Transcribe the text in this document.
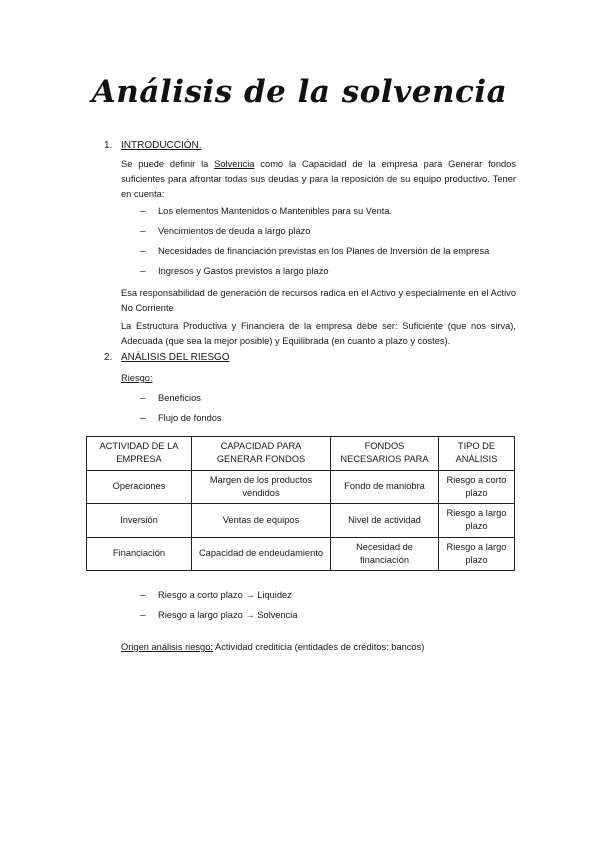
Análisis de la solvencia
1. INTRODUCCIÓN.
Se puede definir la Solvencia como la Capacidad de la empresa para Generar fondos suficientes para afrontar todas sus deudas y para la reposición de su equipo productivo. Tener en cuenta:
– Los elementos Mantenidos o Mantenibles para su Venta.
– Vencimientos de deuda a largo plazo
– Necesidades de financiación previstas en los Planes de Inversión de la empresa
– Ingresos y Gastos previstos a largo plazo
Esa responsabilidad de generación de recursos radica en el Activo y especialmente en el Activo No Corriente
La Estructura Productiva y Financiera de la empresa debe ser: Suficiente (que nos sirva), Adecuada (que sea la mejor posible) y Equilibrada (en cuanto a plazo y costes).
2. ANÁLISIS DEL RIESGO
Riesgo:
– Beneficios
– Flujo de fondos
ACTIVIDAD DE LA EMPRESA	CAPACIDAD PARA GENERAR FONDOS	FONDOS NECESARIOS PARA	TIPO DE ANÁLISIS
Operaciones	Margen de los productos vendidos	Fondo de maniobra	Riesgo a corto plazo
Inversión	Ventas de equipos	Nivel de actividad	Riesgo a largo plazo
Financiación	Capacidad de endeudamiento	Necesidad de financiación	Riesgo a largo plazo
– Riesgo a corto plazo → Liquidez
– Riesgo a largo plazo → Solvencia
Origen análisis riesgo: Actividad crediticia (entidades de créditos: bancos)
